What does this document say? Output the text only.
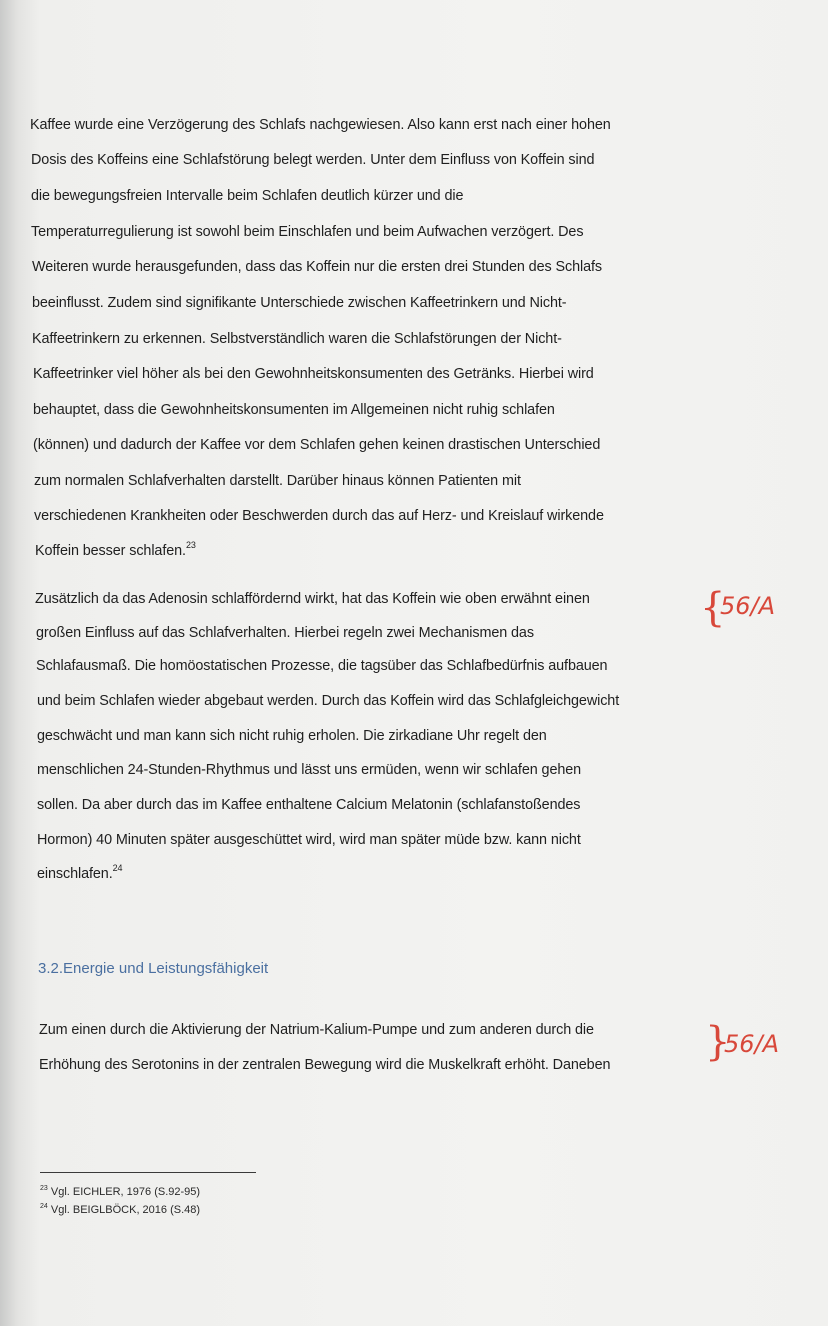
Kaffee wurde eine Verzögerung des Schlafs nachgewiesen. Also kann erst nach einer hohen
Dosis des Koffeins eine Schlafstörung belegt werden. Unter dem Einfluss von Koffein sind
die bewegungsfreien Intervalle beim Schlafen deutlich kürzer und die
Temperaturregulierung ist sowohl beim Einschlafen und beim Aufwachen verzögert. Des
Weiteren wurde herausgefunden, dass das Koffein nur die ersten drei Stunden des Schlafs
beeinflusst. Zudem sind signifikante Unterschiede zwischen Kaffeetrinkern und Nicht-
Kaffeetrinkern zu erkennen. Selbstverständlich waren die Schlafstörungen der Nicht-
Kaffeetrinker viel höher als bei den Gewohnheitskonsumenten des Getränks. Hierbei wird
behauptet, dass die Gewohnheitskonsumenten im Allgemeinen nicht ruhig schlafen
(können) und dadurch der Kaffee vor dem Schlafen gehen keinen drastischen Unterschied
zum normalen Schlafverhalten darstellt. Darüber hinaus können Patienten mit
verschiedenen Krankheiten oder Beschwerden durch das auf Herz- und Kreislauf wirkende
Koffein besser schlafen.$^{23}$
Zusätzlich da das Adenosin schlaffördernd wirkt, hat das Koffein wie oben erwähnt einen
großen Einfluss auf das Schlafverhalten. Hierbei regeln zwei Mechanismen das
Schlafausmaß. Die homöostatischen Prozesse, die tagsüber das Schlafbedürfnis aufbauen
und beim Schlafen wieder abgebaut werden. Durch das Koffein wird das Schlafgleichgewicht
geschwächt und man kann sich nicht ruhig erholen. Die zirkadiane Uhr regelt den
menschlichen 24-Stunden-Rhythmus und lässt uns ermüden, wenn wir schlafen gehen
sollen. Da aber durch das im Kaffee enthaltene Calcium Melatonin (schlafanstoßendes
Hormon) 40 Minuten später ausgeschüttet wird, wird man später müde bzw. kann nicht
einschlafen.$^{24}$
3.2.Energie und Leistungsfähigkeit
Zum einen durch die Aktivierung der Natrium-Kalium-Pumpe und zum anderen durch die
Erhöhung des Serotonins in der zentralen Bewegung wird die Muskelkraft erhöht. Daneben
{
56/A
}
56/A
$^{23}$ Vgl. EICHLER, 1976 (S.92-95)
$^{24}$ Vgl. BEIGLBÖCK, 2016 (S.48)
